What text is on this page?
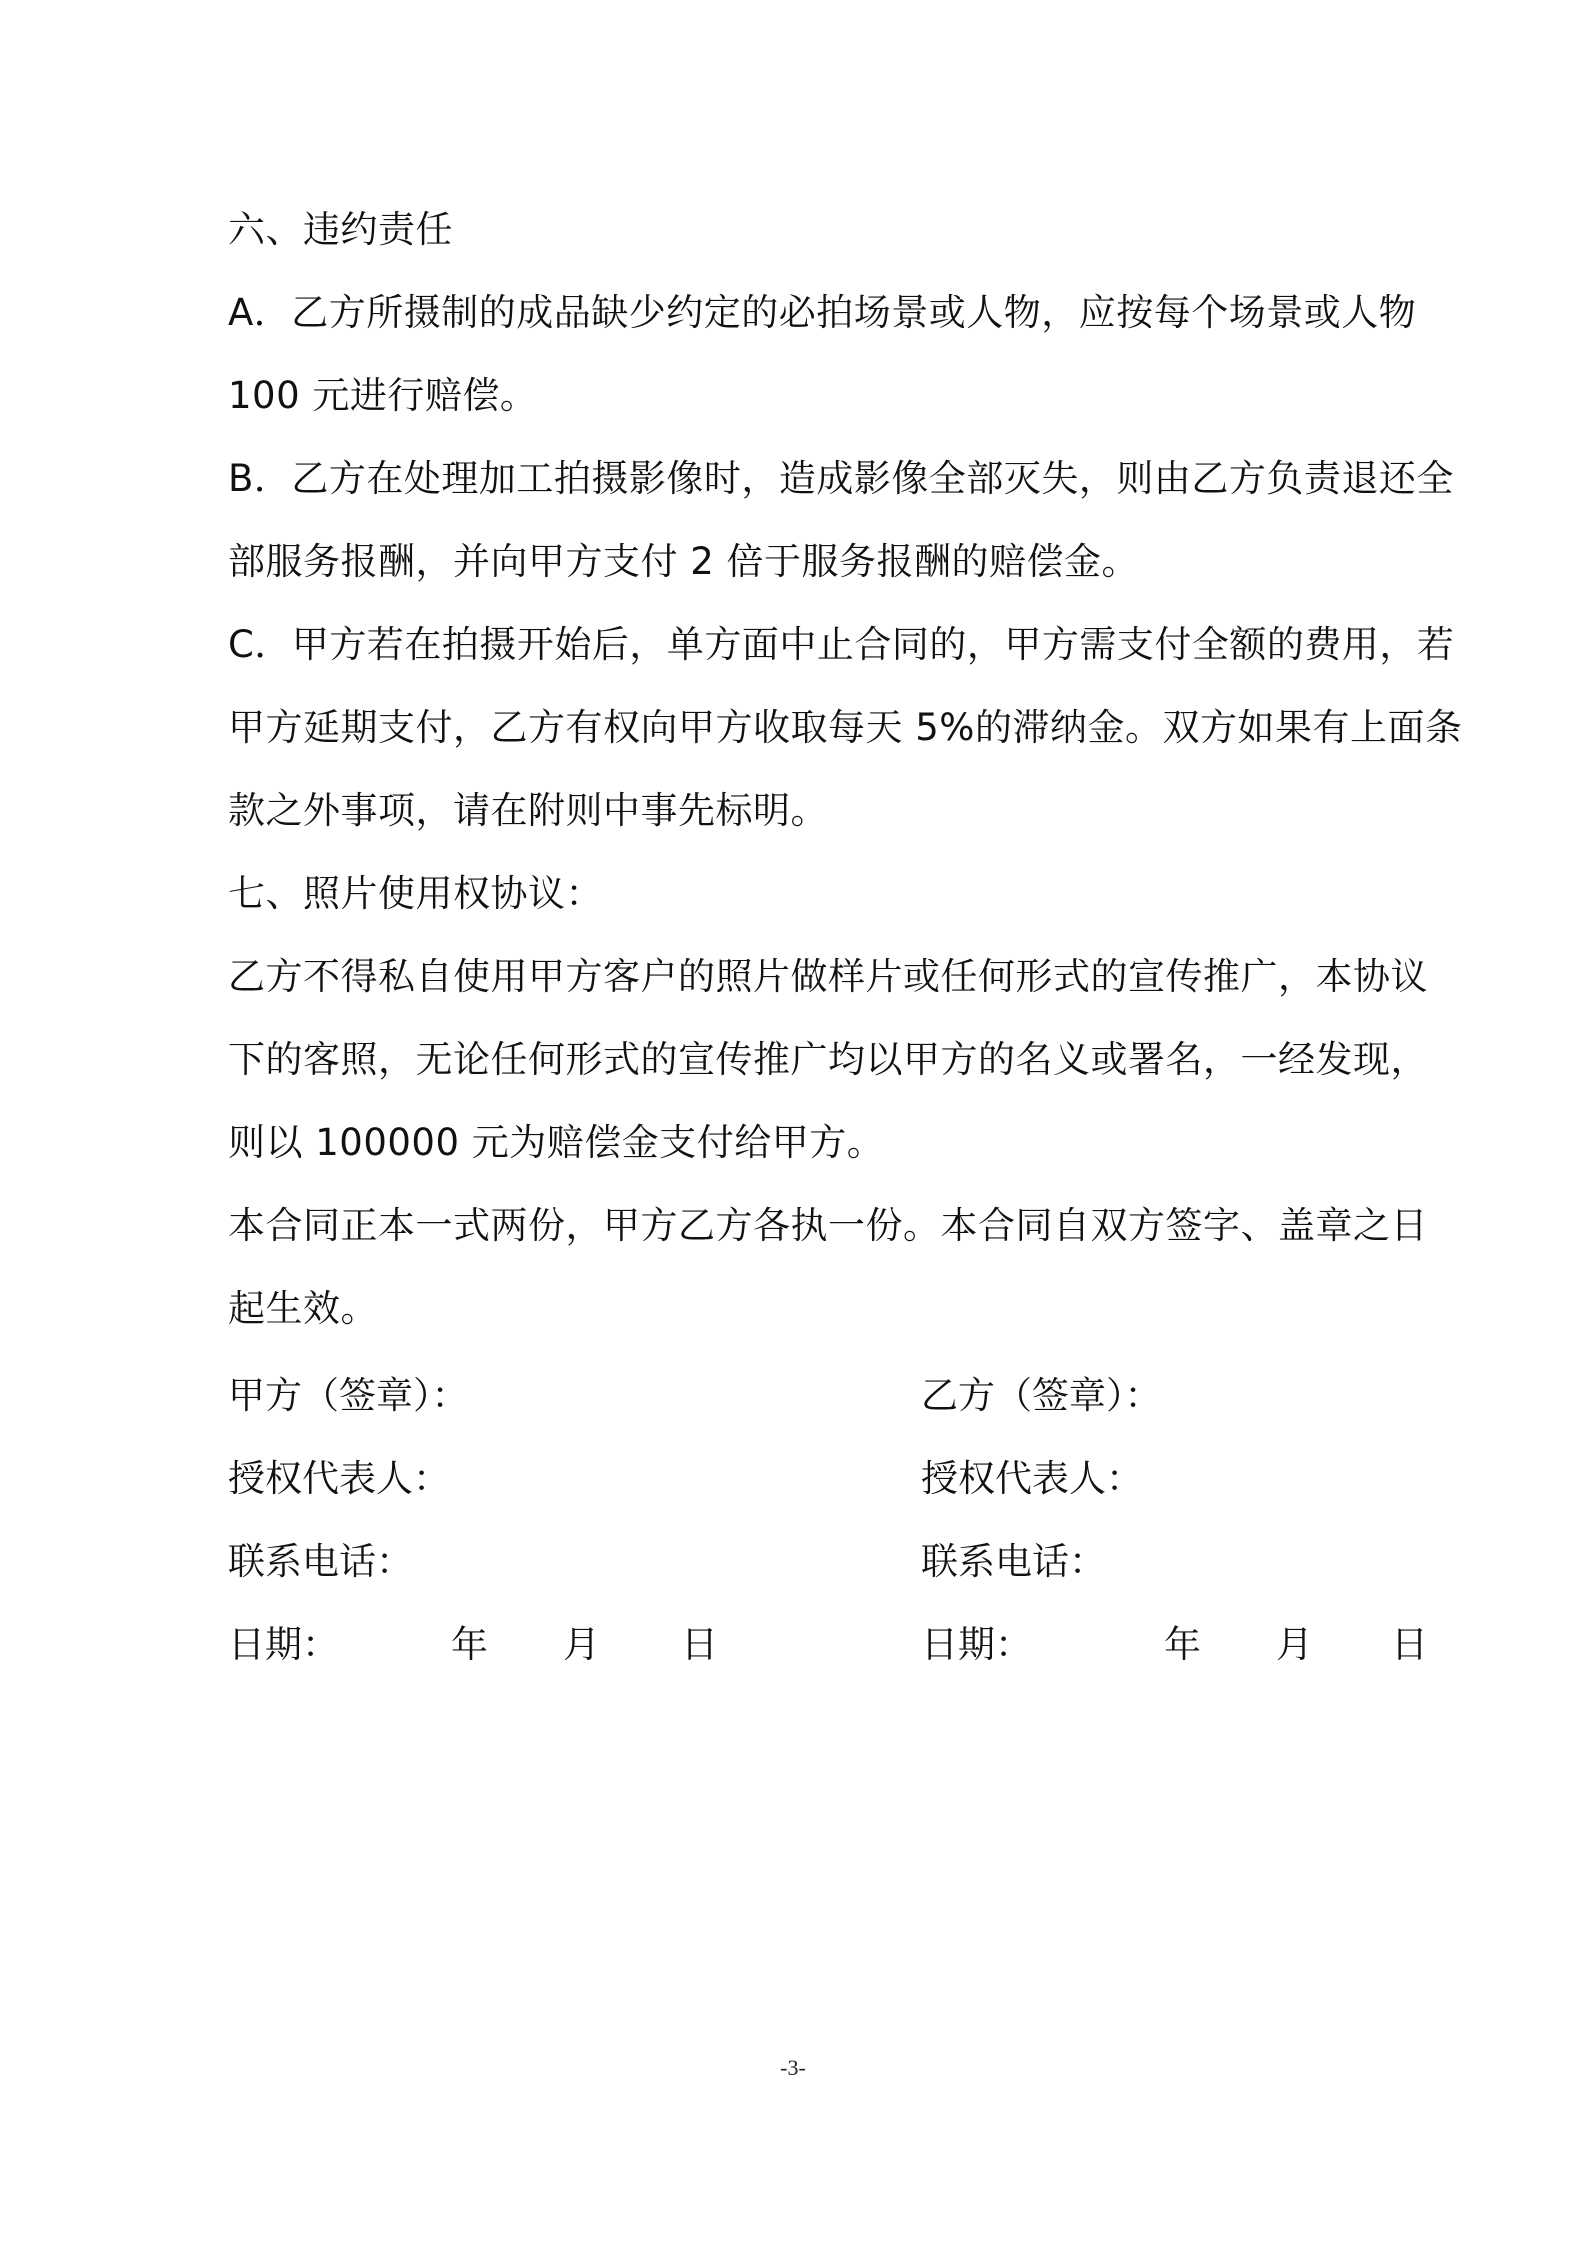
六、违约责任
A．乙方所摄制的成品缺少约定的必拍场景或人物，应按每个场景或人物
100 元进行赔偿。
B．乙方在处理加工拍摄影像时，造成影像全部灭失，则由乙方负责退还全
部服务报酬，并向甲方支付 2 倍于服务报酬的赔偿金。
C．甲方若在拍摄开始后，单方面中止合同的，甲方需支付全额的费用，若
甲方延期支付，乙方有权向甲方收取每天 5%的滞纳金。双方如果有上面条
款之外事项，请在附则中事先标明。
七、照片使用权协议：
乙方不得私自使用甲方客户的照片做样片或任何形式的宣传推广，本协议
下的客照，无论任何形式的宣传推广均以甲方的名义或署名，一经发现，
则以 100000 元为赔偿金支付给甲方。
本合同正本一式两份，甲方乙方各执一份。本合同自双方签字、盖章之日
起生效。
甲方（签章）：	乙方（签章）：
授权代表人：	授权代表人：
联系电话：	联系电话：
日期：	年 月 日	日期：	年 月 日
-3-
